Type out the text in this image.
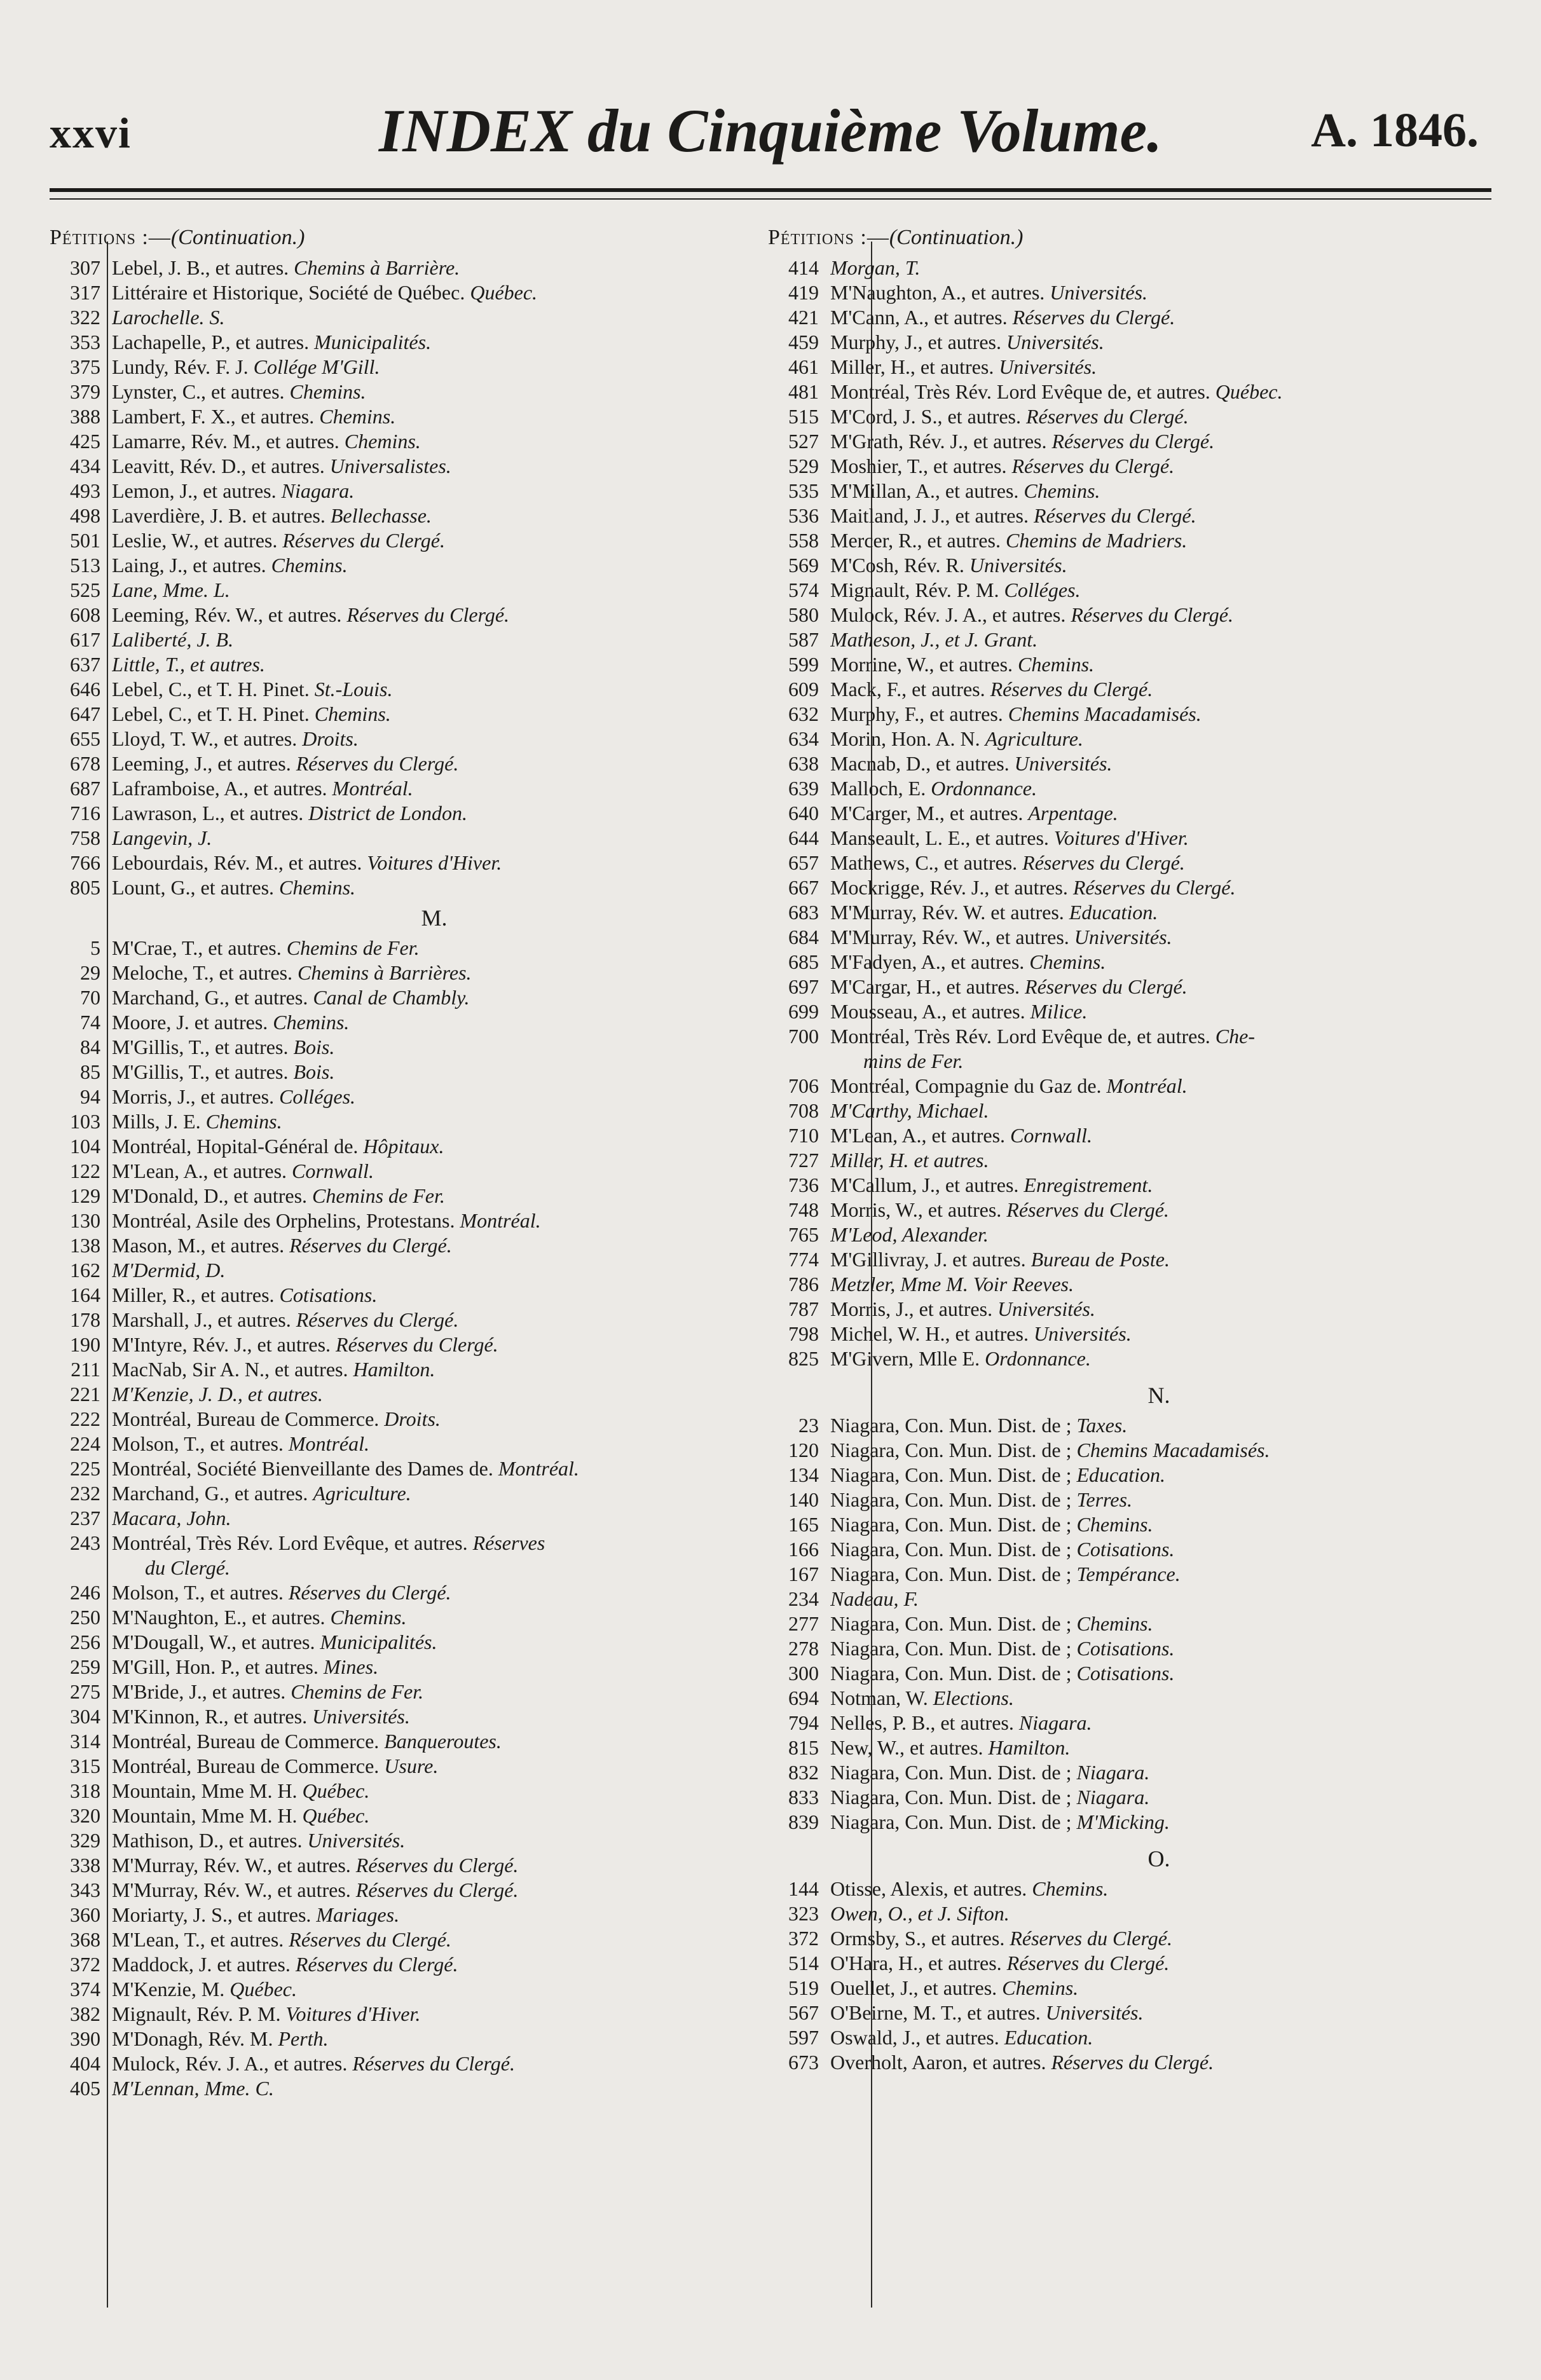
xxvi	INDEX du Cinquième Volume.	A. 1846.
Pétitions :—(Continuation.)
307 Lebel, J. B., et autres. Chemins à Barrière.
317 Littéraire et Historique, Société de Québec. Québec.
322 Larochelle. S.
353 Lachapelle, P., et autres. Municipalités.
375 Lundy, Rév. F. J. Collége M'Gill.
379 Lynster, C., et autres. Chemins.
388 Lambert, F. X., et autres. Chemins.
425 Lamarre, Rév. M., et autres. Chemins.
434 Leavitt, Rév. D., et autres. Universalistes.
493 Lemon, J., et autres. Niagara.
498 Laverdière, J. B. et autres. Bellechasse.
501 Leslie, W., et autres. Réserves du Clergé.
513 Laing, J., et autres. Chemins.
525 Lane, Mme. L.
608 Leeming, Rév. W., et autres. Réserves du Clergé.
617 Laliberté, J. B.
637 Little, T., et autres.
646 Lebel, C., et T. H. Pinet. St.-Louis.
647 Lebel, C., et T. H. Pinet. Chemins.
655 Lloyd, T. W., et autres. Droits.
678 Leeming, J., et autres. Réserves du Clergé.
687 Laframboise, A., et autres. Montréal.
716 Lawrason, L., et autres. District de London.
758 Langevin, J.
766 Lebourdais, Rév. M., et autres. Voitures d'Hiver.
805 Lount, G., et autres. Chemins.
M.
5 M'Crae, T., et autres. Chemins de Fer.
29 Meloche, T., et autres. Chemins à Barrières.
70 Marchand, G., et autres. Canal de Chambly.
74 Moore, J. et autres. Chemins.
84 M'Gillis, T., et autres. Bois.
85 M'Gillis, T., et autres. Bois.
94 Morris, J., et autres. Colléges.
103 Mills, J. E. Chemins.
104 Montréal, Hopital-Général de. Hôpitaux.
122 M'Lean, A., et autres. Cornwall.
129 M'Donald, D., et autres. Chemins de Fer.
130 Montréal, Asile des Orphelins, Protestans. Montréal.
138 Mason, M., et autres. Réserves du Clergé.
162 M'Dermid, D.
164 Miller, R., et autres. Cotisations.
178 Marshall, J., et autres. Réserves du Clergé.
190 M'Intyre, Rév. J., et autres. Réserves du Clergé.
211 MacNab, Sir A. N., et autres. Hamilton.
221 M'Kenzie, J. D., et autres.
222 Montréal, Bureau de Commerce. Droits.
224 Molson, T., et autres. Montréal.
225 Montréal, Société Bienveillante des Dames de. Montréal.
232 Marchand, G., et autres. Agriculture.
237 Macara, John.
243 Montréal, Très Rév. Lord Evêque, et autres. Réserves
du Clergé.
246 Molson, T., et autres. Réserves du Clergé.
250 M'Naughton, E., et autres. Chemins.
256 M'Dougall, W., et autres. Municipalités.
259 M'Gill, Hon. P., et autres. Mines.
275 M'Bride, J., et autres. Chemins de Fer.
304 M'Kinnon, R., et autres. Universités.
314 Montréal, Bureau de Commerce. Banqueroutes.
315 Montréal, Bureau de Commerce. Usure.
318 Mountain, Mme M. H. Québec.
320 Mountain, Mme M. H. Québec.
329 Mathison, D., et autres. Universités.
338 M'Murray, Rév. W., et autres. Réserves du Clergé.
343 M'Murray, Rév. W., et autres. Réserves du Clergé.
360 Moriarty, J. S., et autres. Mariages.
368 M'Lean, T., et autres. Réserves du Clergé.
372 Maddock, J. et autres. Réserves du Clergé.
374 M'Kenzie, M. Québec.
382 Mignault, Rév. P. M. Voitures d'Hiver.
390 M'Donagh, Rév. M. Perth.
404 Mulock, Rév. J. A., et autres. Réserves du Clergé.
405 M'Lennan, Mme. C.
Pétitions :—(Continuation.)
414 Morgan, T.
419 M'Naughton, A., et autres. Universités.
421 M'Cann, A., et autres. Réserves du Clergé.
459 Murphy, J., et autres. Universités.
461 Miller, H., et autres. Universités.
481 Montréal, Très Rév. Lord Evêque de, et autres. Québec.
515 M'Cord, J. S., et autres. Réserves du Clergé.
527 M'Grath, Rév. J., et autres. Réserves du Clergé.
529 Moshier, T., et autres. Réserves du Clergé.
535 M'Millan, A., et autres. Chemins.
536 Maitland, J. J., et autres. Réserves du Clergé.
558 Mercer, R., et autres. Chemins de Madriers.
569 M'Cosh, Rév. R. Universités.
574 Mignault, Rév. P. M. Colléges.
580 Mulock, Rév. J. A., et autres. Réserves du Clergé.
587 Matheson, J., et J. Grant.
599 Morrine, W., et autres. Chemins.
609 Mack, F., et autres. Réserves du Clergé.
632 Murphy, F., et autres. Chemins Macadamisés.
634 Morin, Hon. A. N. Agriculture.
638 Macnab, D., et autres. Universités.
639 Malloch, E. Ordonnance.
640 M'Carger, M., et autres. Arpentage.
644 Manseault, L. E., et autres. Voitures d'Hiver.
657 Mathews, C., et autres. Réserves du Clergé.
667 Mockrigge, Rév. J., et autres. Réserves du Clergé.
683 M'Murray, Rév. W. et autres. Education.
684 M'Murray, Rév. W., et autres. Universités.
685 M'Fadyen, A., et autres. Chemins.
697 M'Cargar, H., et autres. Réserves du Clergé.
699 Mousseau, A., et autres. Milice.
700 Montréal, Très Rév. Lord Evêque de, et autres. Che-
mins de Fer.
706 Montréal, Compagnie du Gaz de. Montréal.
708 M'Carthy, Michael.
710 M'Lean, A., et autres. Cornwall.
727 Miller, H. et autres.
736 M'Callum, J., et autres. Enregistrement.
748 Morris, W., et autres. Réserves du Clergé.
765 M'Leod, Alexander.
774 M'Gillivray, J. et autres. Bureau de Poste.
786 Metzler, Mme M. Voir Reeves.
787 Morris, J., et autres. Universités.
798 Michel, W. H., et autres. Universités.
825 M'Givern, Mlle E. Ordonnance.
N.
23 Niagara, Con. Mun. Dist. de ; Taxes.
120 Niagara, Con. Mun. Dist. de ; Chemins Macadamisés.
134 Niagara, Con. Mun. Dist. de ; Education.
140 Niagara, Con. Mun. Dist. de ; Terres.
165 Niagara, Con. Mun. Dist. de ; Chemins.
166 Niagara, Con. Mun. Dist. de ; Cotisations.
167 Niagara, Con. Mun. Dist. de ; Tempérance.
234 Nadeau, F.
277 Niagara, Con. Mun. Dist. de ; Chemins.
278 Niagara, Con. Mun. Dist. de ; Cotisations.
300 Niagara, Con. Mun. Dist. de ; Cotisations.
694 Notman, W. Elections.
794 Nelles, P. B., et autres. Niagara.
815 New, W., et autres. Hamilton.
832 Niagara, Con. Mun. Dist. de ; Niagara.
833 Niagara, Con. Mun. Dist. de ; Niagara.
839 Niagara, Con. Mun. Dist. de ; M'Micking.
O.
144 Otisse, Alexis, et autres. Chemins.
323 Owen, O., et J. Sifton.
372 Ormsby, S., et autres. Réserves du Clergé.
514 O'Hara, H., et autres. Réserves du Clergé.
519 Ouellet, J., et autres. Chemins.
567 O'Beirne, M. T., et autres. Universités.
597 Oswald, J., et autres. Education.
673 Overholt, Aaron, et autres. Réserves du Clergé.
